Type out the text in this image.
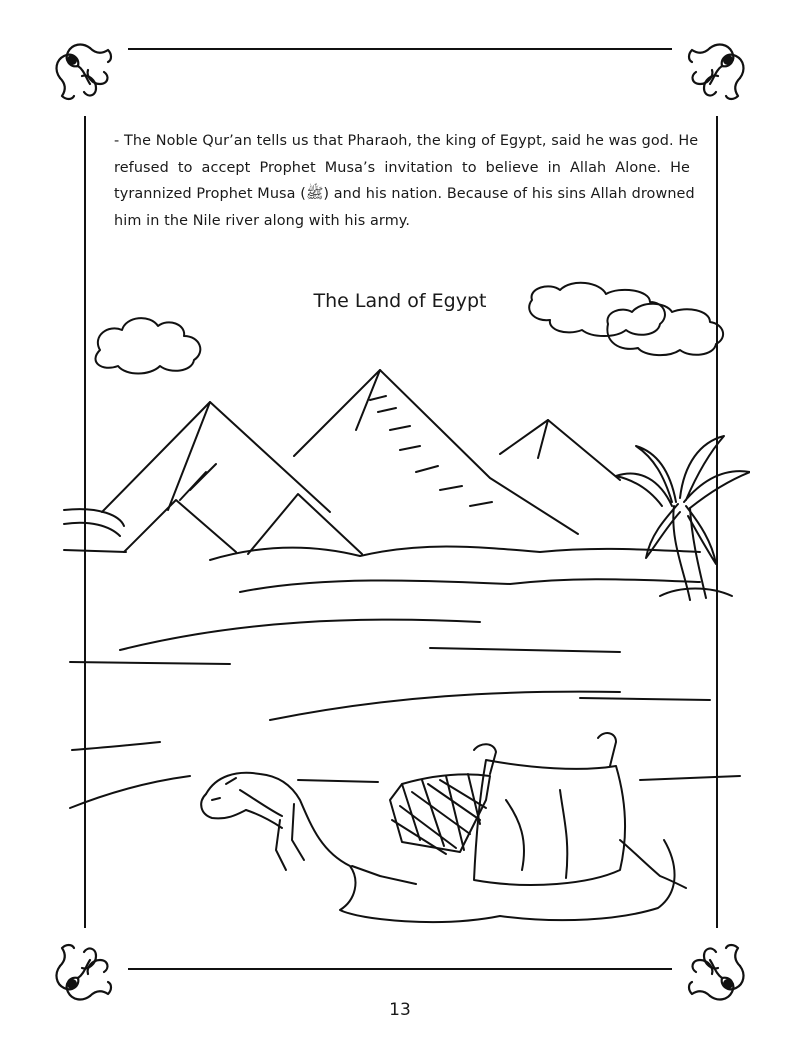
- The Noble Qur’an tells us that Pharaoh, the king of Egypt, said he was god. He
refused to accept Prophet Musa’s invitation to believe in Allah Alone. He
tyrannized Prophet Musa (ﷺ) and his nation. Because of his sins Allah drowned
him in the Nile river along with his army.
The Land of Egypt
13
